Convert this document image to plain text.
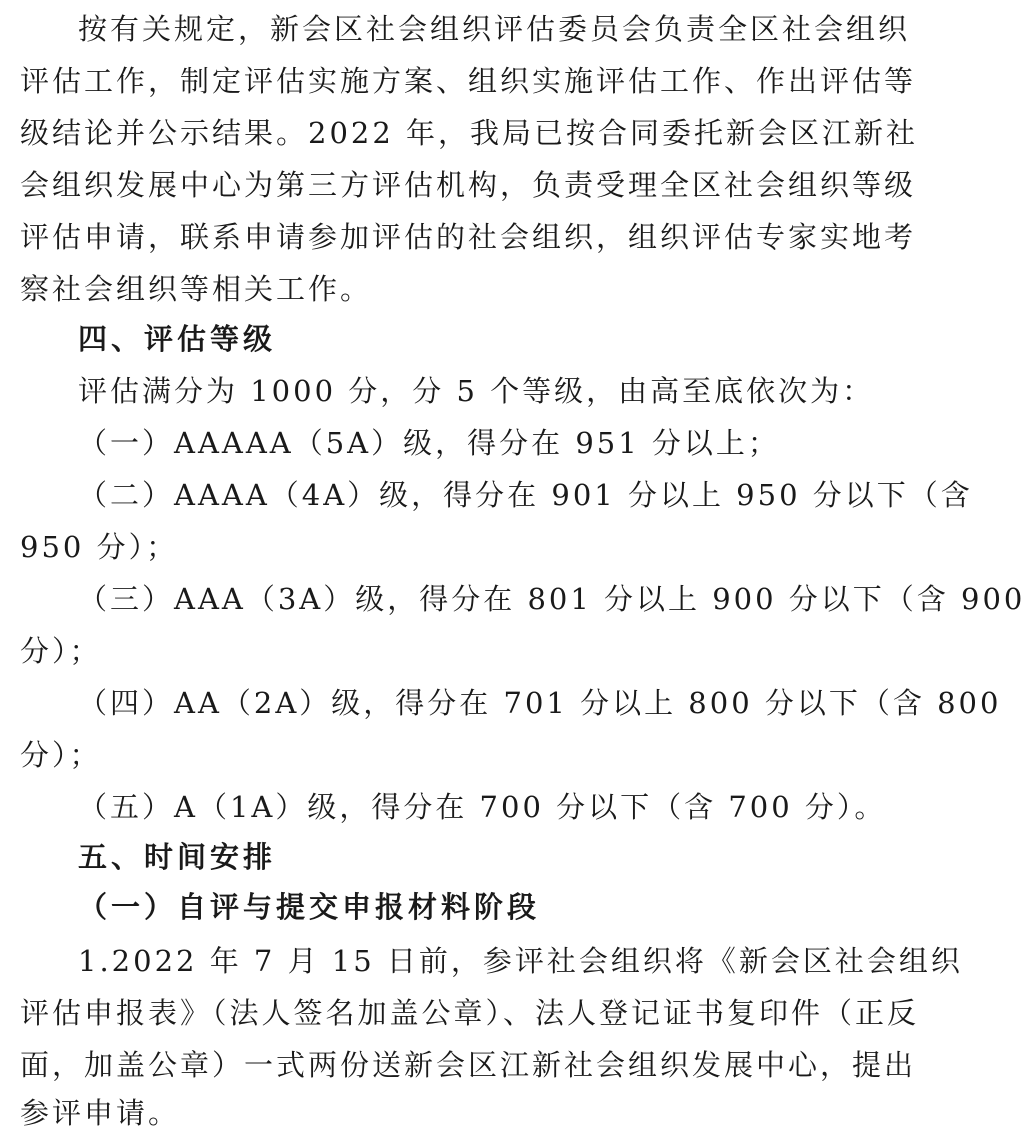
按有关规定，新会区社会组织评估委员会负责全区社会组织
评估工作，制定评估实施方案、组织实施评估工作、作出评估等
级结论并公示结果。2022 年，我局已按合同委托新会区江新社
会组织发展中心为第三方评估机构，负责受理全区社会组织等级
评估申请，联系申请参加评估的社会组织，组织评估专家实地考
察社会组织等相关工作。
四、评估等级
评估满分为 1000 分，分 5 个等级，由高至底依次为：
（一）AAAAA（5A）级，得分在 951 分以上；
（二）AAAA（4A）级，得分在 901 分以上 950 分以下（含
950 分）；
（三）AAA（3A）级，得分在 801 分以上 900 分以下（含 900
分）；
（四）AA（2A）级，得分在 701 分以上 800 分以下（含 800
分）；
（五）A（1A）级，得分在 700 分以下（含 700 分）。
五、时间安排
（一）自评与提交申报材料阶段
1.2022 年 7 月 15 日前，参评社会组织将《新会区社会组织
评估申报表》（法人签名加盖公章）、法人登记证书复印件（正反
面，加盖公章）一式两份送新会区江新社会组织发展中心，提出
参评申请。
